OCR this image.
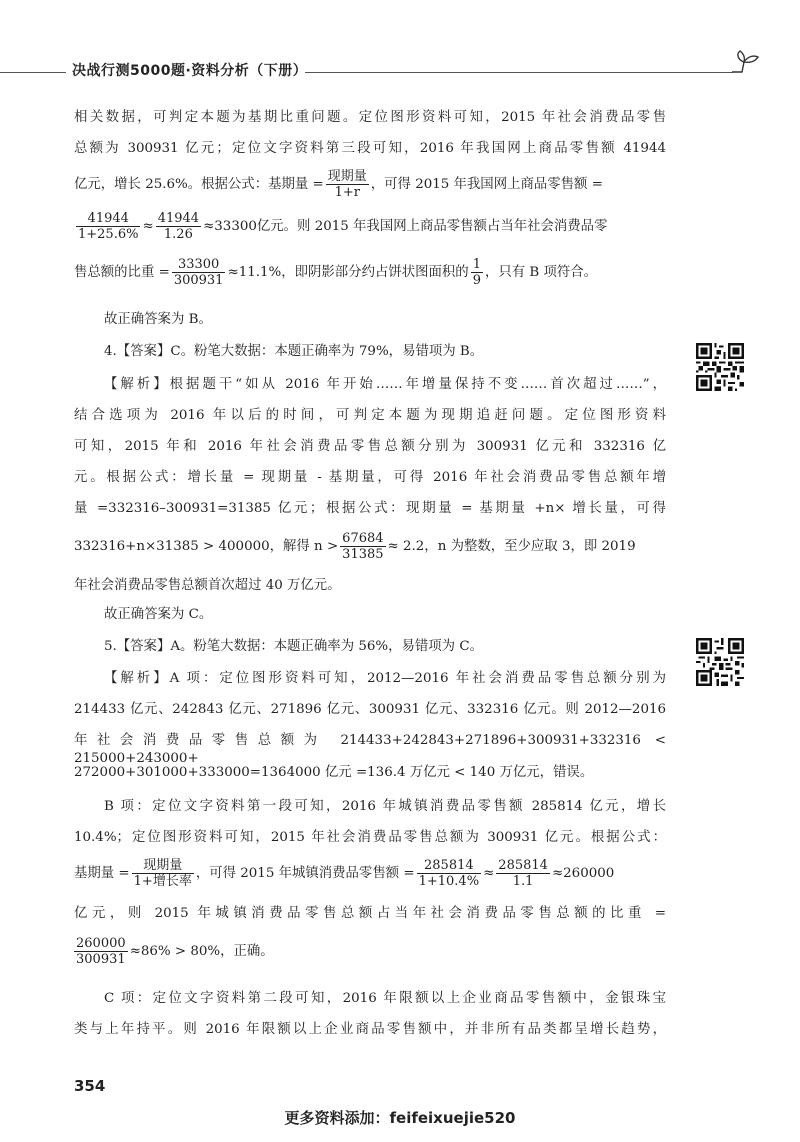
决战行测5000题·资料分析（下册）
相关数据，可判定本题为基期比重问题。定位图形资料可知，2015 年社会消费品零售
总额为 300931 亿元；定位文字资料第三段可知，2016 年我国网上商品零售额 41944
亿元，增长 25.6%。根据公式：基期量 = $\frac{\text{现期量}}{1+r}$ ，可得 2015 年我国网上商品零售额 =
$\frac{41944}{1+25.6\%} \approx \frac{41944}{1.26} \approx 33300$亿元。则 2015 年我国网上商品零售额占当年社会消费品零
售总额的比重 = $\frac{33300}{300931} \approx 11.1\%$，即阴影部分约占饼状图面积的 $\frac{1}{9}$ ，只有 B 项符合。
故正确答案为 B。
4.【答案】C。粉笔大数据：本题正确率为 79%，易错项为 B。
【解析】根据题干“如从 2016 年开始……年增量保持不变……首次超过……”，
结合选项为 2016 年以后的时间，可判定本题为现期追赶问题。定位图形资料
可知，2015 年和 2016 年社会消费品零售总额分别为 300931 亿元和 332316 亿
元。根据公式：增长量 = 现期量 - 基期量，可得 2016 年社会消费品零售总额年增
量 =332316–300931=31385 亿元；根据公式：现期量 = 基期量 +n× 增长量，可得
332316+n×31385 > 400000，解得 $n > \frac{67684}{31385} \approx 2.2$，n 为整数，至少应取 3，即 2019
年社会消费品零售总额首次超过 40 万亿元。
故正确答案为 C。
5.【答案】A。粉笔大数据：本题正确率为 56%，易错项为 C。
【解析】A 项：定位图形资料可知，2012—2016 年社会消费品零售总额分别为
214433 亿元、242843 亿元、271896 亿元、300931 亿元、332316 亿元。则 2012—2016
年社会消费品零售总额为 214433+242843+271896+300931+332316 < 215000+243000+
272000+301000+333000=1364000 亿元 =136.4 万亿元 < 140 万亿元，错误。
B 项：定位文字资料第一段可知，2016 年城镇消费品零售额 285814 亿元，增长
10.4%；定位图形资料可知，2015 年社会消费品零售总额为 300931 亿元。根据公式：
基期量 = $\frac{\text{现期量}}{\text{1+增长率}}$ ，可得 2015 年城镇消费品零售额 = $\frac{285814}{1+10.4\%} \approx \frac{285814}{1.1} \approx 260000$
亿元，则 2015 年城镇消费品零售总额占当年社会消费品零售总额的比重 =
$\frac{260000}{300931} \approx 86\% > 80\%$，正确。
C 项：定位文字资料第二段可知，2016 年限额以上企业商品零售额中，金银珠宝
类与上年持平。则 2016 年限额以上企业商品零售额中，并非所有品类都呈增长趋势，
354
更多资料添加：feifeixuejie520
